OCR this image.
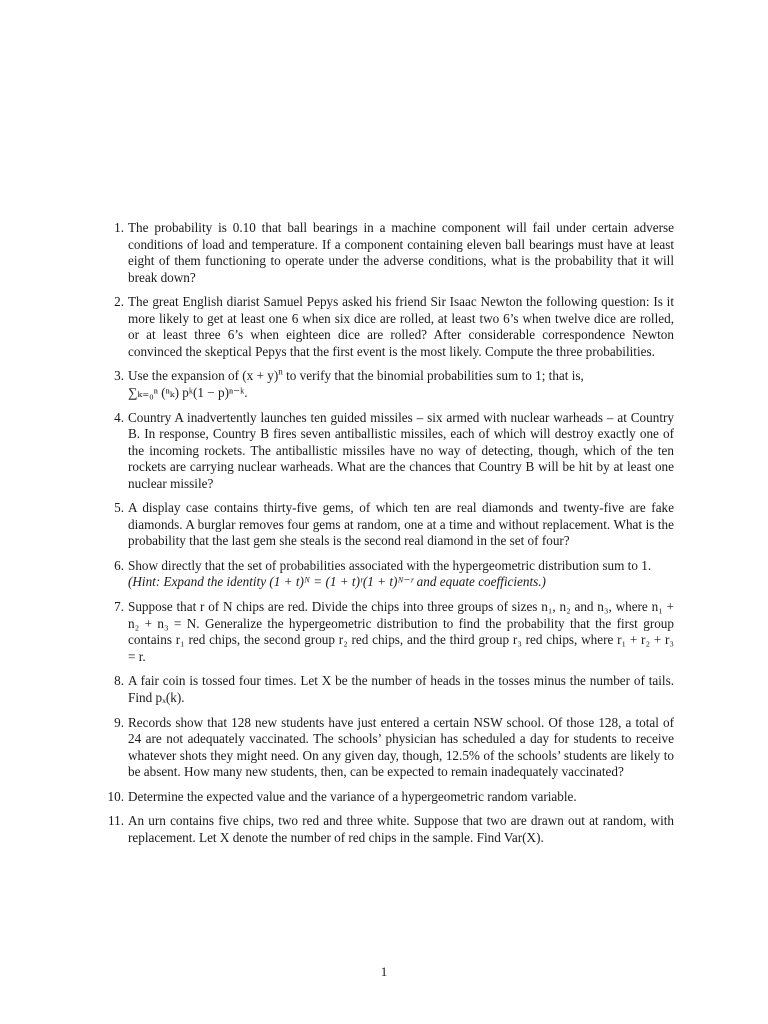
1. The probability is 0.10 that ball bearings in a machine component will fail under certain adverse conditions of load and temperature. If a component containing eleven ball bearings must have at least eight of them functioning to operate under the adverse conditions, what is the probability that it will break down?
2. The great English diarist Samuel Pepys asked his friend Sir Isaac Newton the following question: Is it more likely to get at least one 6 when six dice are rolled, at least two 6’s when twelve dice are rolled, or at least three 6’s when eighteen dice are rolled? After considerable correspondence Newton convinced the skeptical Pepys that the first event is the most likely. Compute the three probabilities.
3. Use the expansion of $(x + y)^n$ to verify that the binomial probabilities sum to 1; that is,
∑ₖ₌₀ⁿ (ⁿₖ) pᵏ(1 − p)ⁿ⁻ᵏ.
4. Country A inadvertently launches ten guided missiles – six armed with nuclear warheads – at Country B. In response, Country B fires seven antiballistic missiles, each of which will destroy exactly one of the incoming rockets. The antiballistic missiles have no way of detecting, though, which of the ten rockets are carrying nuclear warheads. What are the chances that Country B will be hit by at least one nuclear missile?
5. A display case contains thirty-five gems, of which ten are real diamonds and twenty-five are fake diamonds. A burglar removes four gems at random, one at a time and without replacement. What is the probability that the last gem she steals is the second real diamond in the set of four?
6. Show directly that the set of probabilities associated with the hypergeometric distribution sum to 1.
(Hint: Expand the identity (1 + t)ᴺ = (1 + t)ʳ(1 + t)ᴺ⁻ʳ and equate coefficients.)
7. Suppose that r of N chips are red. Divide the chips into three groups of sizes n₁, n₂ and n₃, where n₁ + n₂ + n₃ = N. Generalize the hypergeometric distribution to find the probability that the first group contains r₁ red chips, the second group r₂ red chips, and the third group r₃ red chips, where r₁ + r₂ + r₃ = r.
8. A fair coin is tossed four times. Let X be the number of heads in the tosses minus the number of tails. Find pₓ(k).
9. Records show that 128 new students have just entered a certain NSW school. Of those 128, a total of 24 are not adequately vaccinated. The schools’ physician has scheduled a day for students to receive whatever shots they might need. On any given day, though, 12.5% of the schools’ students are likely to be absent. How many new students, then, can be expected to remain inadequately vaccinated?
10. Determine the expected value and the variance of a hypergeometric random variable.
11. An urn contains five chips, two red and three white. Suppose that two are drawn out at random, with replacement. Let X denote the number of red chips in the sample. Find Var(X).
1
